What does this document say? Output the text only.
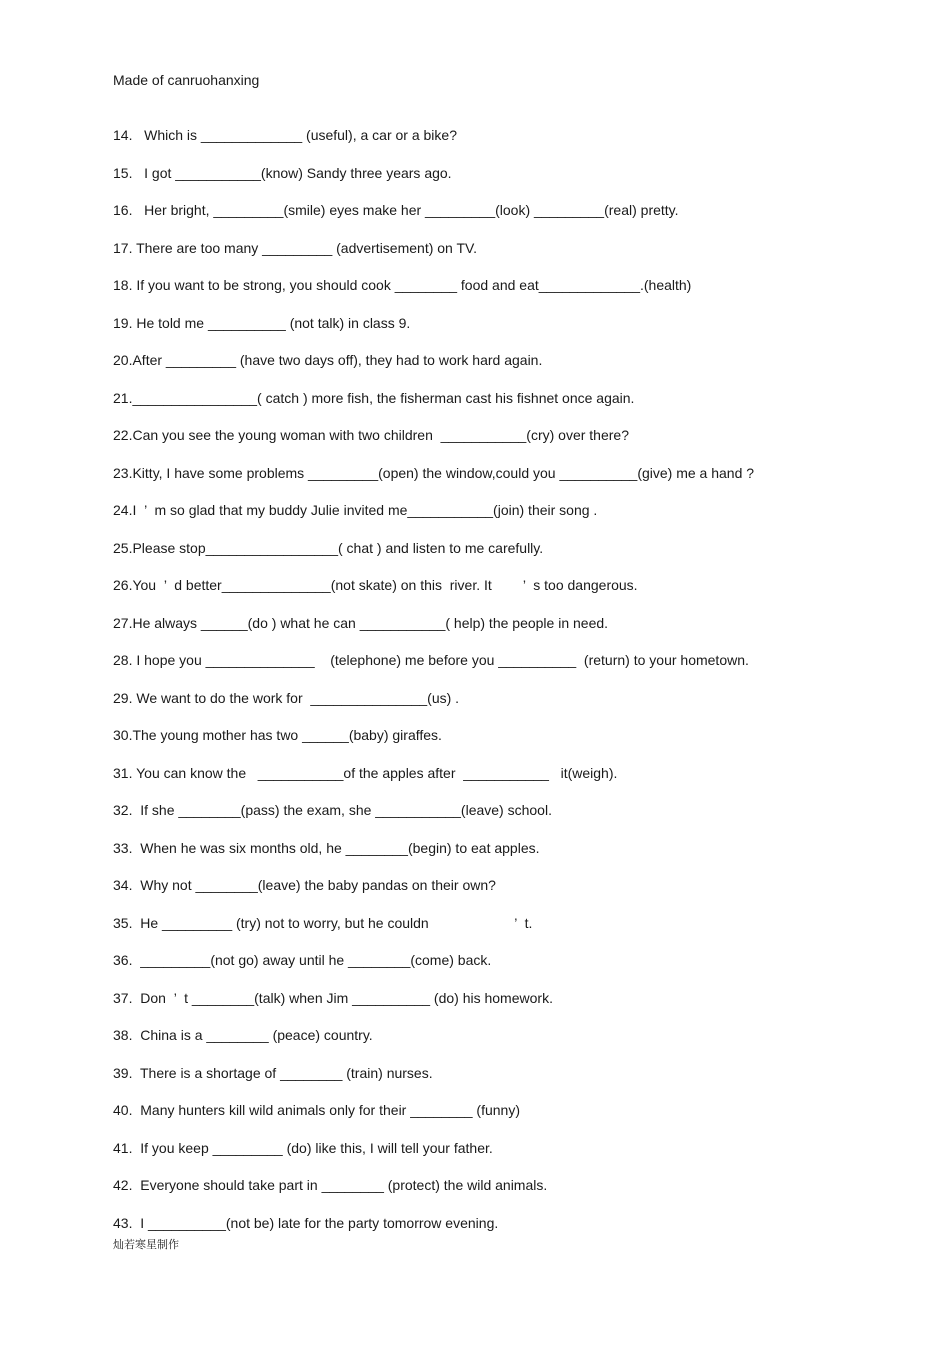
Made of canruohanxing
14.   Which is _____________ (useful), a car or a bike?
15.   I got ___________(know) Sandy three years ago.
16.   Her bright, _________(smile) eyes make her _________(look) _________(real) pretty.
17. There are too many _________ (advertisement) on TV.
18. If you want to be strong, you should cook ________ food and eat_____________.(health)
19. He told me __________ (not talk) in class 9.
20.After _________ (have two days off), they had to work hard again.
21.________________( catch ) more fish, the fisherman cast his fishnet once again.
22.Can you see the young woman with two children  ___________(cry) over there?
23.Kitty, I have some problems _________(open) the window,could you __________(give) me a hand ?
24.I  ’  m so glad that my buddy Julie invited me___________(join) their song .
25.Please stop_________________( chat ) and listen to me carefully.
26.You  ’  d better______________(not skate) on this  river. It        ’  s too dangerous.
27.He always ______(do ) what he can ___________( help) the people in need.
28. I hope you ______________    (telephone) me before you __________  (return) to your hometown.
29. We want to do the work for  _______________(us) .
30.The young mother has two ______(baby) giraffes.
31. You can know the   ___________of the apples after  ___________   it(weigh).
32.  If she ________(pass) the exam, she ___________(leave) school.
33.  When he was six months old, he ________(begin) to eat apples.
34.  Why not ________(leave) the baby pandas on their own?
35.  He _________ (try) not to worry, but he couldn                      ’  t.
36.  _________(not go) away until he ________(come) back.
37.  Don  ’  t ________(talk) when Jim __________ (do) his homework.
38.  China is a ________ (peace) country.
39.  There is a shortage of ________ (train) nurses.
40.  Many hunters kill wild animals only for their ________ (funny)
41.  If you keep _________ (do) like this, I will tell your father.
42.  Everyone should take part in ________ (protect) the wild animals.
43.  I __________(not be) late for the party tomorrow evening.
灿若寒星制作
